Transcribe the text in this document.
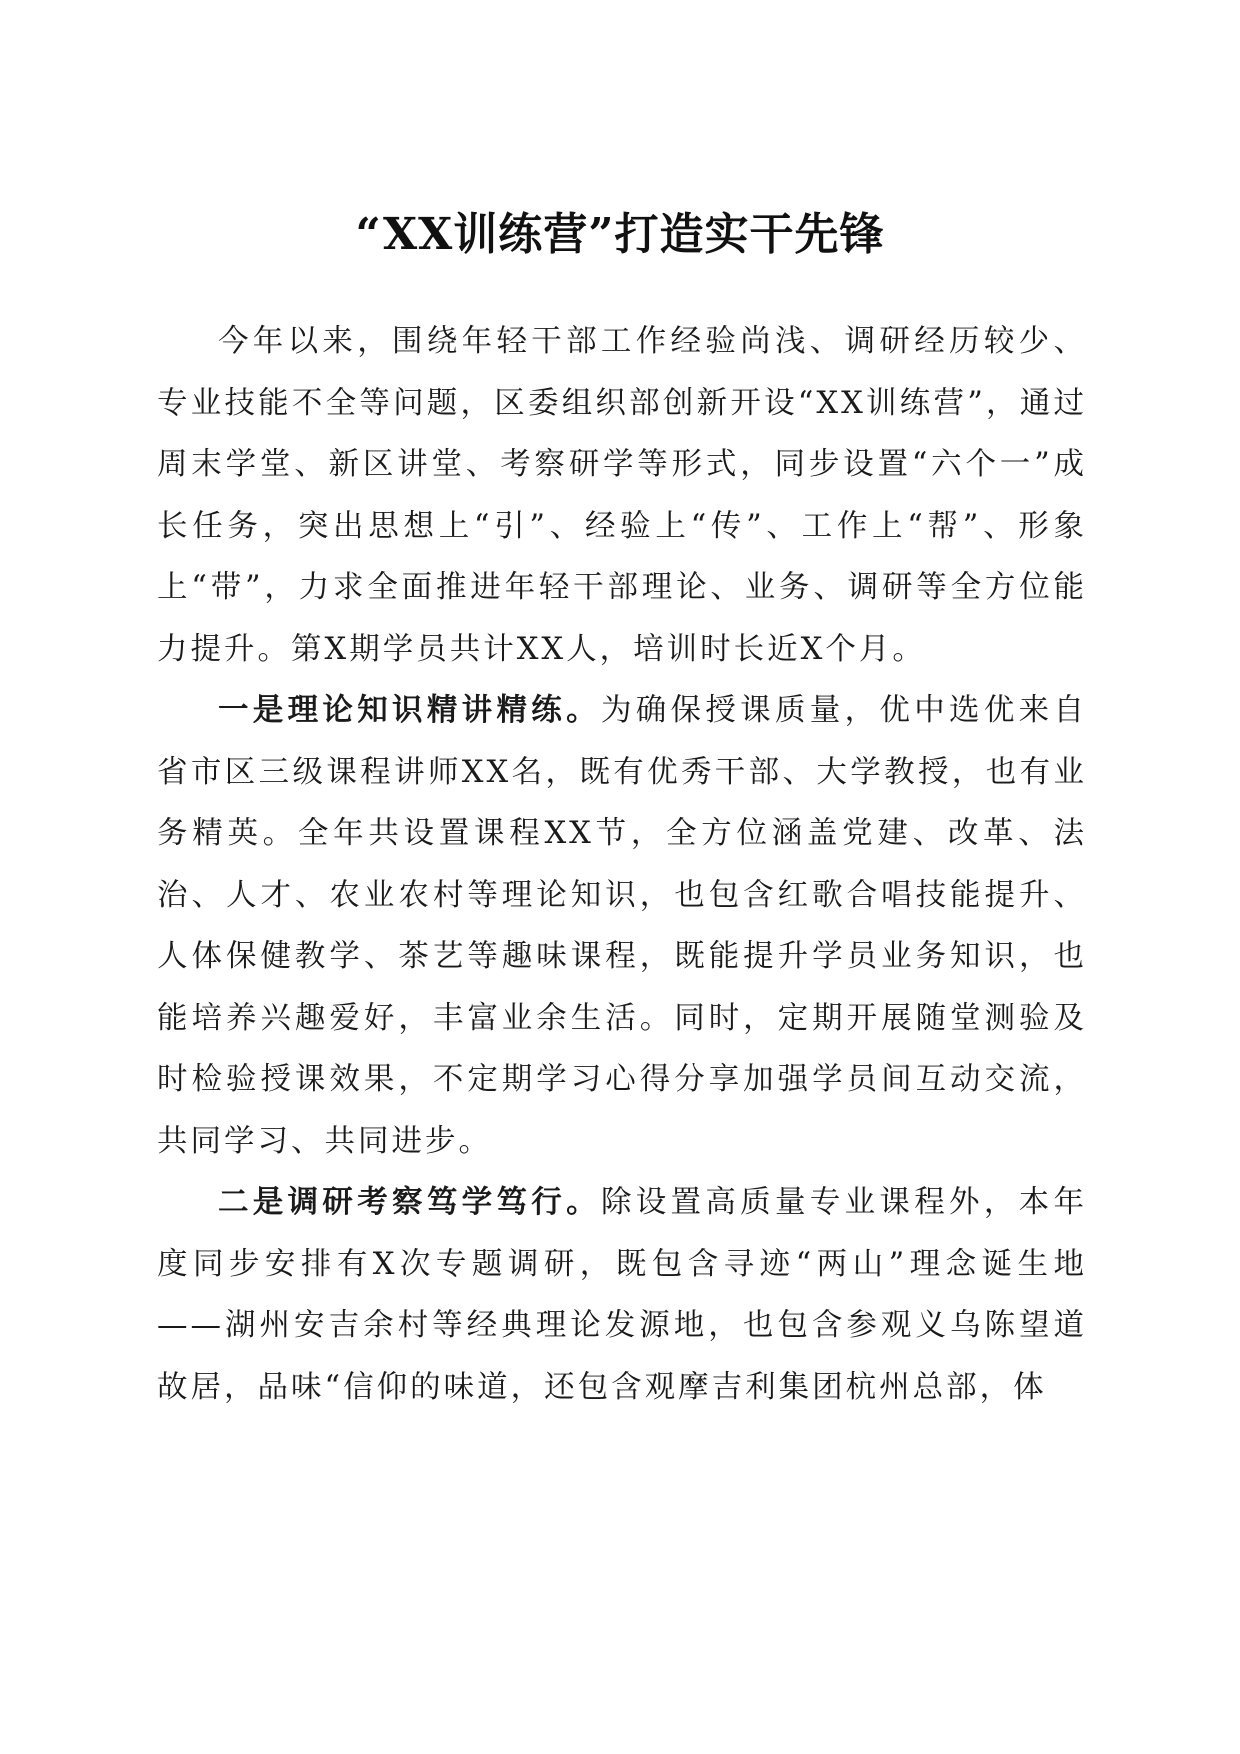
“XX训练营”打造实干先锋

今年以来，围绕年轻干部工作经验尚浅、调研经历较少、专业技能不全等问题，区委组织部创新开设“XX训练营”，通过周末学堂、新区讲堂、考察研学等形式，同步设置“六个一”成长任务，突出思想上“引”、经验上“传”、工作上“帮”、形象上“带”，力求全面推进年轻干部理论、业务、调研等全方位能力提升。第X期学员共计XX人，培训时长近X个月。

一是理论知识精讲精练。为确保授课质量，优中选优来自省市区三级课程讲师XX名，既有优秀干部、大学教授，也有业务精英。全年共设置课程XX节，全方位涵盖党建、改革、法治、人才、农业农村等理论知识，也包含红歌合唱技能提升、人体保健教学、茶艺等趣味课程，既能提升学员业务知识，也能培养兴趣爱好，丰富业余生活。同时，定期开展随堂测验及时检验授课效果，不定期学习心得分享加强学员间互动交流，共同学习、共同进步。

二是调研考察笃学笃行。除设置高质量专业课程外，本年度同步安排有X次专题调研，既包含寻迹“两山”理念诞生地——湖州安吉余村等经典理论发源地，也包含参观义乌陈望道故居，品味“信仰的味道，还包含观摩吉利集团杭州总部，体
